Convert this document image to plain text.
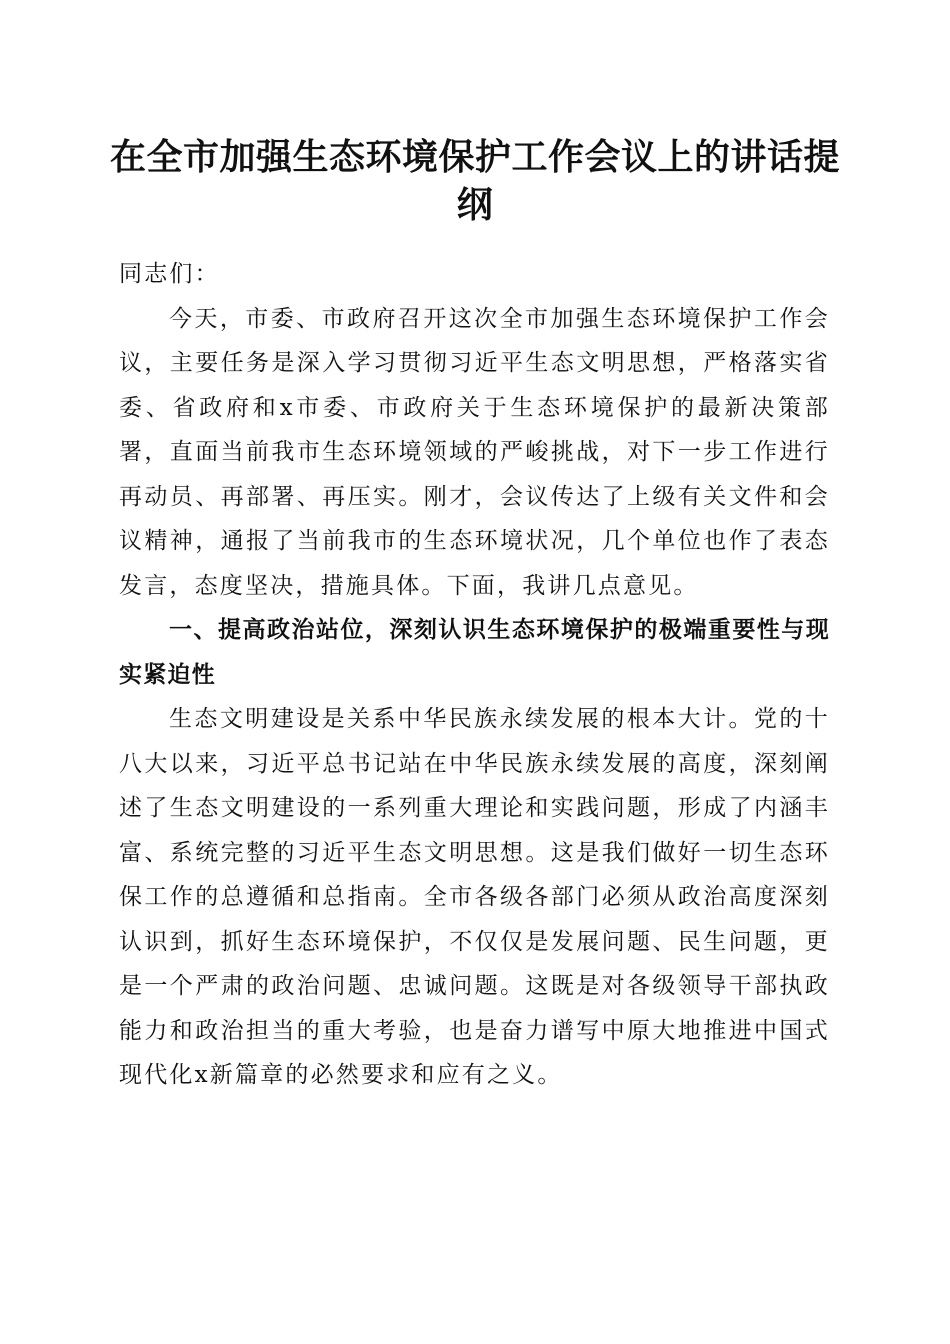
在全市加强生态环境保护工作会议上的讲话提纲

同志们：

今天，市委、市政府召开这次全市加强生态环境保护工作会议，主要任务是深入学习贯彻习近平生态文明思想，严格落实省委、省政府和x市委、市政府关于生态环境保护的最新决策部署，直面当前我市生态环境领域的严峻挑战，对下一步工作进行再动员、再部署、再压实。刚才，会议传达了上级有关文件和会议精神，通报了当前我市的生态环境状况，几个单位也作了表态发言，态度坚决，措施具体。下面，我讲几点意见。

一、提高政治站位，深刻认识生态环境保护的极端重要性与现实紧迫性

生态文明建设是关系中华民族永续发展的根本大计。党的十八大以来，习近平总书记站在中华民族永续发展的高度，深刻阐述了生态文明建设的一系列重大理论和实践问题，形成了内涵丰富、系统完整的习近平生态文明思想。这是我们做好一切生态环保工作的总遵循和总指南。全市各级各部门必须从政治高度深刻认识到，抓好生态环境保护，不仅仅是发展问题、民生问题，更是一个严肃的政治问题、忠诚问题。这既是对各级领导干部执政能力和政治担当的重大考验，也是奋力谱写中原大地推进中国式现代化x新篇章的必然要求和应有之义。
